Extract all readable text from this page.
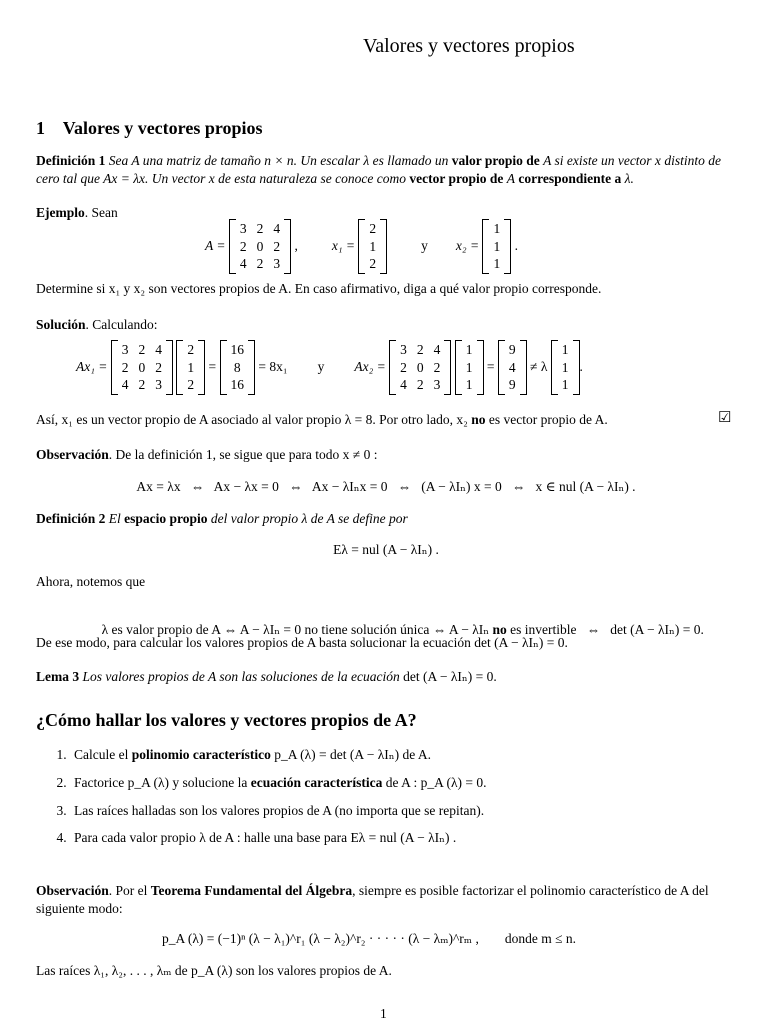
Valores y vectores propios
1 Valores y vectores propios
Definición 1 Sea A una matriz de tamaño n × n. Un escalar λ es llamado un valor propio de A si existe un vector x distinto de cero tal que Ax = λx. Un vector x de esta naturaleza se conoce como vector propio de A correspondiente a λ.
Ejemplo. Sean
A =

3 2 4
2 0 2
4 2 3
,	x₁ =

2
1
2
y x₂ =

1
1
1
.
Determine si x₁ y x₂ son vectores propios de A. En caso afirmativo, diga a qué valor propio corresponde.
Solución. Calculando:
Ax₁ =

3 2 4
2 0 2
4 2 3

2
1
2

=

16
8
16

= 8x₁ y Ax₂ =

3 2 4
2 0 2
4 2 3

1
1
1

=

9
4
9

≠ λ

1
1
1
.
Así, x₁ es un vector propio de A asociado al valor propio λ = 8. Por otro lado, x₂ no es vector propio de A.	☑
Observación. De la definición 1, se sigue que para todo x ≠ 0 :
Ax = λx   ⇔   Ax − λx = 0   ⇔   Ax − λIₙx = 0   ⇔   (A − λIₙ) x = 0   ⇔   x ∈ nul (A − λIₙ) .
Definición 2 El espacio propio del valor propio λ de A se define por
Eλ = nul (A − λIₙ) .
Ahora, notemos que

λ es valor propio de A ⇔ A − λIₙ = 0 no tiene solución única ⇔ A − λIₙ no es invertible   ⇔   det (A − λIₙ) = 0.

De ese modo, para calcular los valores propios de A basta solucionar la ecuación det (A − λIₙ) = 0.
Lema 3 Los valores propios de A son las soluciones de la ecuación det (A − λIₙ) = 0.
¿Cómo hallar los valores y vectores propios de A?
1. Calcule el polinomio característico p_A (λ) = det (A − λIₙ) de A.
2. Factorice p_A (λ) y solucione la ecuación característica de A : p_A (λ) = 0.
3. Las raíces halladas son los valores propios de A (no importa que se repitan).
4. Para cada valor propio λ de A : halle una base para Eλ = nul (A − λIₙ) .
Observación. Por el Teorema Fundamental del Álgebra, siempre es posible factorizar el polinomio característico de A del siguiente modo:
p_A (λ) = (−1)ⁿ (λ − λ₁)^r₁ (λ − λ₂)^r₂ · · · · · (λ − λₘ)^rₘ , donde m ≤ n.
Las raíces λ₁, λ₂, . . . , λₘ de p_A (λ) son los valores propios de A.
1
